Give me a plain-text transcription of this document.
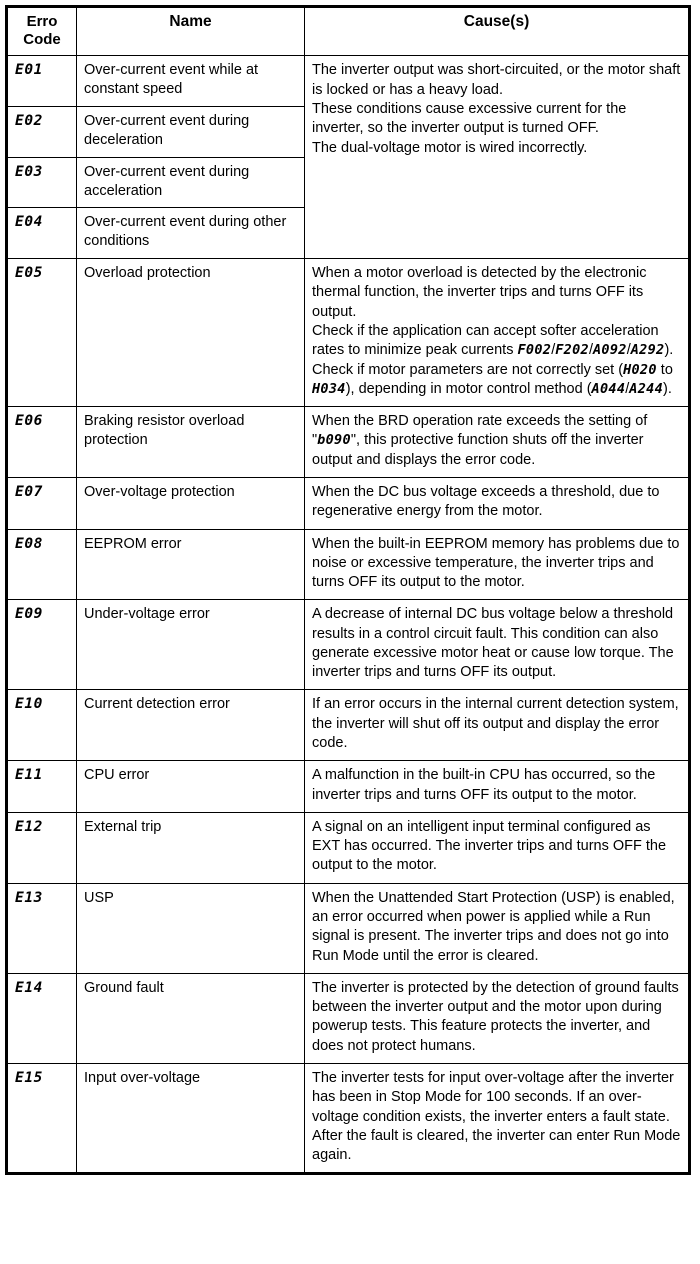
Erro
Code	Name	Cause(s)
E01	Over-current event while at constant speed	The inverter output was short-circuited, or the motor shaft is locked or has a heavy load.
These conditions cause excessive current for the inverter, so the inverter output is turned OFF.
The dual-voltage motor is wired incorrectly.
E02	Over-current event during deceleration	
E03	Over-current event during acceleration	
E04	Over-current event during other conditions	
E05	Overload protection	When a motor overload is detected by the electronic thermal function, the inverter trips and turns OFF its output.
Check if the application can accept softer acceleration rates to minimize peak currents F002/F202/A092/A292).
Check if motor parameters are not correctly set (H020 to H034), depending in motor control method (A044/A244).
E06	Braking resistor overload protection	When the BRD operation rate exceeds the setting of "b090", this protective function shuts off the inverter output and displays the error code.
E07	Over-voltage protection	When the DC bus voltage exceeds a threshold, due to regenerative energy from the motor.
E08	EEPROM error	When the built-in EEPROM memory has problems due to noise or excessive temperature, the inverter trips and turns OFF its output to the motor.
E09	Under-voltage error	A decrease of internal DC bus voltage below a threshold results in a control circuit fault. This condition can also generate excessive motor heat or cause low torque. The inverter trips and turns OFF its output.
E10	Current detection error	If an error occurs in the internal current detection system, the inverter will shut off its output and display the error code.
E11	CPU error	A malfunction in the built-in CPU has occurred, so the inverter trips and turns OFF its output to the motor.
E12	External trip	A signal on an intelligent input terminal configured as EXT has occurred. The inverter trips and turns OFF the output to the motor.
E13	USP	When the Unattended Start Protection (USP) is enabled, an error occurred when power is applied while a Run signal is present. The inverter trips and does not go into Run Mode until the error is cleared.
E14	Ground fault	The inverter is protected by the detection of ground faults between the inverter output and the motor upon during powerup tests. This feature protects the inverter, and does not protect humans.
E15	Input over-voltage	The inverter tests for input over-voltage after the inverter has been in Stop Mode for 100 seconds. If an over-voltage condition exists, the inverter enters a fault state. After the fault is cleared, the inverter can enter Run Mode again.
